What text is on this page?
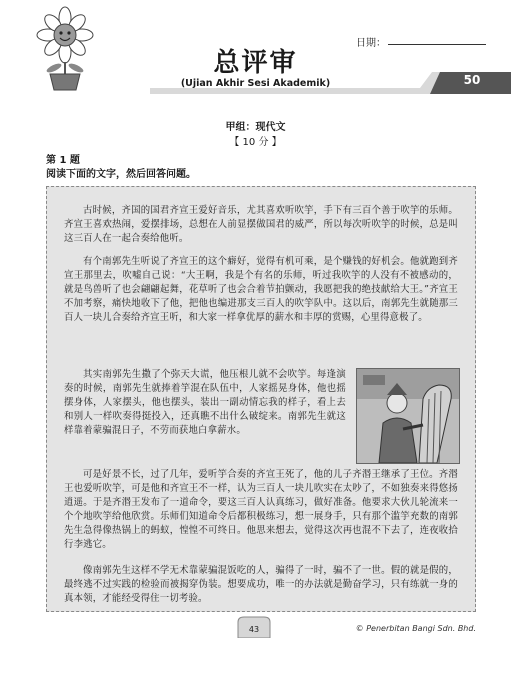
日期：
总评审
(Ujian Akhir Sesi Akademik)	50
甲组：现代文
【 10 分 】
第 1 题
阅读下面的文字，然后回答问题。

古时候，齐国的国君齐宣王爱好音乐，尤其喜欢听吹竽，手下有三百个善于吹竽的乐师。齐宣王喜欢热闹，爱摆排场，总想在人前显摆做国君的威严，所以每次听吹竽的时候，总是叫这三百人在一起合奏给他听。

有个南郭先生听说了齐宣王的这个癖好，觉得有机可乘，是个赚钱的好机会。他就跑到齐宣王那里去，吹嘘自己说：“大王啊，我是个有名的乐师，听过我吹竽的人没有不被感动的，就是鸟兽听了也会翩翩起舞，花草听了也会合着节拍颤动，我愿把我的绝技献给大王。”齐宣王不加考察，痛快地收下了他，把他也编进那支三百人的吹竽队中。这以后，南郭先生就随那三百人一块儿合奏给齐宣王听，和大家一样拿优厚的薪水和丰厚的赏赐，心里得意极了。

其实南郭先生撒了个弥天大谎，他压根儿就不会吹竽。每逢演奏的时候，南郭先生就捧着竽混在队伍中，人家摇晃身体，他也摇摆身体，人家摆头，他也摆头，装出一副动情忘我的样子，看上去和别人一样吹奏得挺投入，还真瞧不出什么破绽来。南郭先生就这样靠着蒙骗混日子，不劳而获地白拿薪水。

可是好景不长，过了几年，爱听竽合奏的齐宣王死了，他的儿子齐湣王继承了王位。齐湣王也爱听吹竽，可是他和齐宣王不一样，认为三百人一块儿吹实在太吵了，不如独奏来得悠扬逍遥。于是齐湣王发布了一道命令，要这三百人认真练习，做好准备。他要求大伙儿轮流来一个个地吹竽给他欣赏。乐师们知道命令后都积极练习，想一展身手，只有那个滥竽充数的南郭先生急得像热锅上的蚂蚁，惶惶不可终日。他思来想去，觉得这次再也混不下去了，连夜收拾行李逃它。

像南郭先生这样不学无术靠蒙骗混饭吃的人，骗得了一时，骗不了一世。假的就是假的，最终逃不过实践的检验而被揭穿伪装。想要成功，唯一的办法就是勤奋学习，只有练就一身的真本领，才能经受得住一切考验。

43	© Penerbitan Bangi Sdn. Bhd.
